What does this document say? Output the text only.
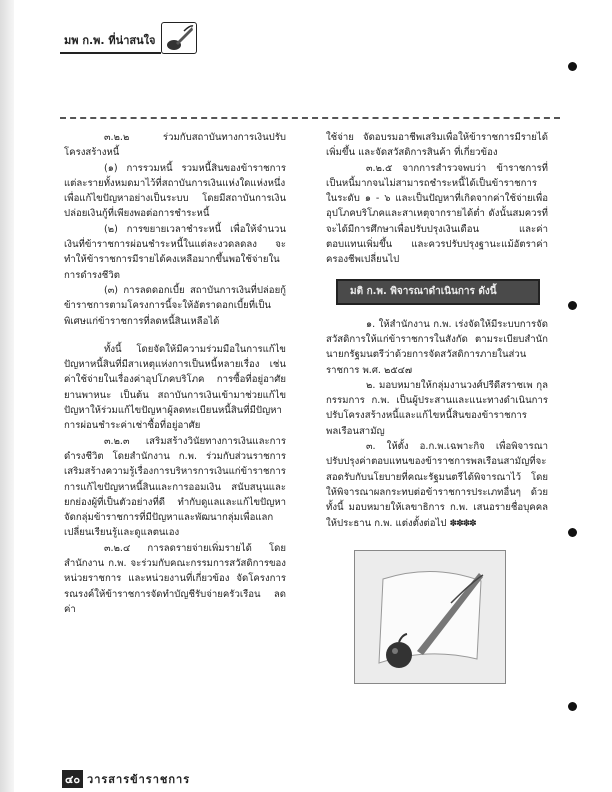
มพ ก.พ. ที่น่าสนใจ

๓.๒.๒ ร่วมกับสถาบันทางการเงินปรับโครงสร้างหนี้

(๑) การรวมหนี้ รวมหนี้สินของข้าราชการแต่ละรายทั้งหมดมาไว้ที่สถาบันการเงินแห่งใดแห่งหนึ่งเพื่อแก้ไขปัญหาอย่างเป็นระบบ โดยมีสถาบันการเงินปล่อยเงินกู้ที่เพียงพอต่อการชำระหนี้

(๒) การขยายเวลาชำระหนี้ เพื่อให้จำนวนเงินที่ข้าราชการผ่อนชำระหนี้ในแต่ละงวดลดลง จะทำให้ข้าราชการมีรายได้คงเหลือมากขึ้นพอใช้จ่ายในการดำรงชีวิต

(๓) การลดดอกเบี้ย สถาบันการเงินที่ปล่อยกู้ข้าราชการตามโครงการนี้จะให้อัตราดอกเบี้ยที่เป็นพิเศษแก่ข้าราชการที่ลดหนี้สินเหลือได้

ทั้งนี้ โดยจัดให้มีความร่วมมือในการแก้ไขปัญหาหนี้สินที่มีสาเหตุแห่งการเป็นหนี้หลายเรื่อง เช่น ค่าใช้จ่ายในเรื่องค่าอุปโภคบริโภค การซื้อที่อยู่อาศัยยานพาหนะ เป็นต้น สถาบันการเงินเข้ามาช่วยแก้ไขปัญหาให้ร่วมแก้ไขปัญหาผู้ลดทะเบียนหนี้สินที่มีปัญหาการผ่อนชำระค่าเช่าซื้อที่อยู่อาศัย

๓.๒.๓ เสริมสร้างวินัยทางการเงินและการดำรงชีวิต โดยสำนักงาน ก.พ. ร่วมกับส่วนราชการเสริมสร้างความรู้เรื่องการบริหารการเงินแก่ข้าราชการ การแก้ไขปัญหาหนี้สินและการออมเงิน สนับสนุนและยกย่องผู้ที่เป็นตัวอย่างที่ดี ทำกับดูแลและแก้ไขปัญหา จัดกลุ่มข้าราชการที่มีปัญหาและพัฒนากลุ่มเพื่อแลกเปลี่ยนเรียนรู้และดูแลตนเอง

๓.๒.๔ การลดรายจ่ายเพิ่มรายได้ โดยสำนักงาน ก.พ. จะร่วมกับคณะกรรมการสวัสดิการของหน่วยราชการ และหน่วยงานที่เกี่ยวข้อง จัดโครงการรณรงค์ให้ข้าราชการจัดทำบัญชีรับจ่ายครัวเรือน ลดค่า

ใช้จ่าย จัดอบรมอาชีพเสริมเพื่อให้ข้าราชการมีรายได้เพิ่มขึ้น และจัดสวัสดิการสินค้า ที่เกี่ยวข้อง

๓.๒.๕ จากการสำรวจพบว่า ข้าราชการที่เป็นหนี้มากจนไม่สามารถชำระหนี้ได้เป็นข้าราชการในระดับ ๑ - ๖ และเป็นปัญหาที่เกิดจากค่าใช้จ่ายเพื่ออุปโภคบริโภคและสาเหตุจากรายได้ต่ำ ดังนั้นสมควรที่จะได้มีการศึกษาเพื่อปรับปรุงเงินเดือน และค่าตอบแทนเพิ่มขึ้น และควรปรับปรุงฐานะแม้อัตราค่าครองชีพเปลี่ยนไป

มติ ก.พ. พิจารณาดำเนินการ ดังนี้

๑. ให้สำนักงาน ก.พ. เร่งจัดให้มีระบบการจัดสวัสดิการให้แก่ข้าราชการในสังกัด ตามระเบียบสำนักนายกรัฐมนตรีว่าด้วยการจัดสวัสดิการภายในส่วนราชการ พ.ศ. ๒๕๔๗

๒. มอบหมายให้กลุ่มงานวงศ์ปรีดีสราชเพ กุล กรรมการ ก.พ. เป็นผู้ประสานและแนะทางดำเนินการปรับโครงสร้างหนี้และแก้ไขหนี้สินของข้าราชการพลเรือนสามัญ

๓. ให้ตั้ง อ.ก.พ.เฉพาะกิจ เพื่อพิจารณาปรับปรุงค่าตอบแทนของข้าราชการพลเรือนสามัญที่จะสอดรับกับนโยบายที่คณะรัฐมนตรีได้พิจารณาไว้ โดยให้พิจารณาผลกระทบต่อข้าราชการประเภทอื่นๆ ด้วย ทั้งนี้ มอบหมายให้เลขาธิการ ก.พ. เสนอรายชื่อบุคคลให้ประธาน ก.พ. แต่งตั้งต่อไป ✽✽✽✽

๔๐ วารสารข้าราชการ
